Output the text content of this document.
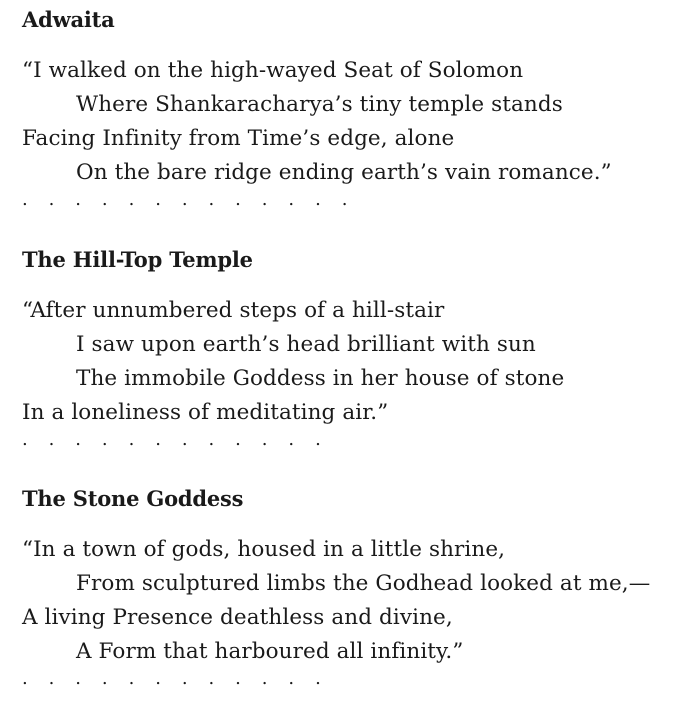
Adwaita
“I walked on the high-wayed Seat of Solomon
Where Shankaracharya’s tiny temple stands
Facing Infinity from Time’s edge, alone
On the bare ridge ending earth’s vain romance.”
. . . . . . . . . . . . .
The Hill-Top Temple
“After unnumbered steps of a hill-stair
I saw upon earth’s head brilliant with sun
The immobile Goddess in her house of stone
In a loneliness of meditating air.”
. . . . . . . . . . . .
The Stone Goddess
“In a town of gods, housed in a little shrine,
From sculptured limbs the Godhead looked at me,—
A living Presence deathless and divine,
A Form that harboured all infinity.”
. . . . . . . . . . . .
